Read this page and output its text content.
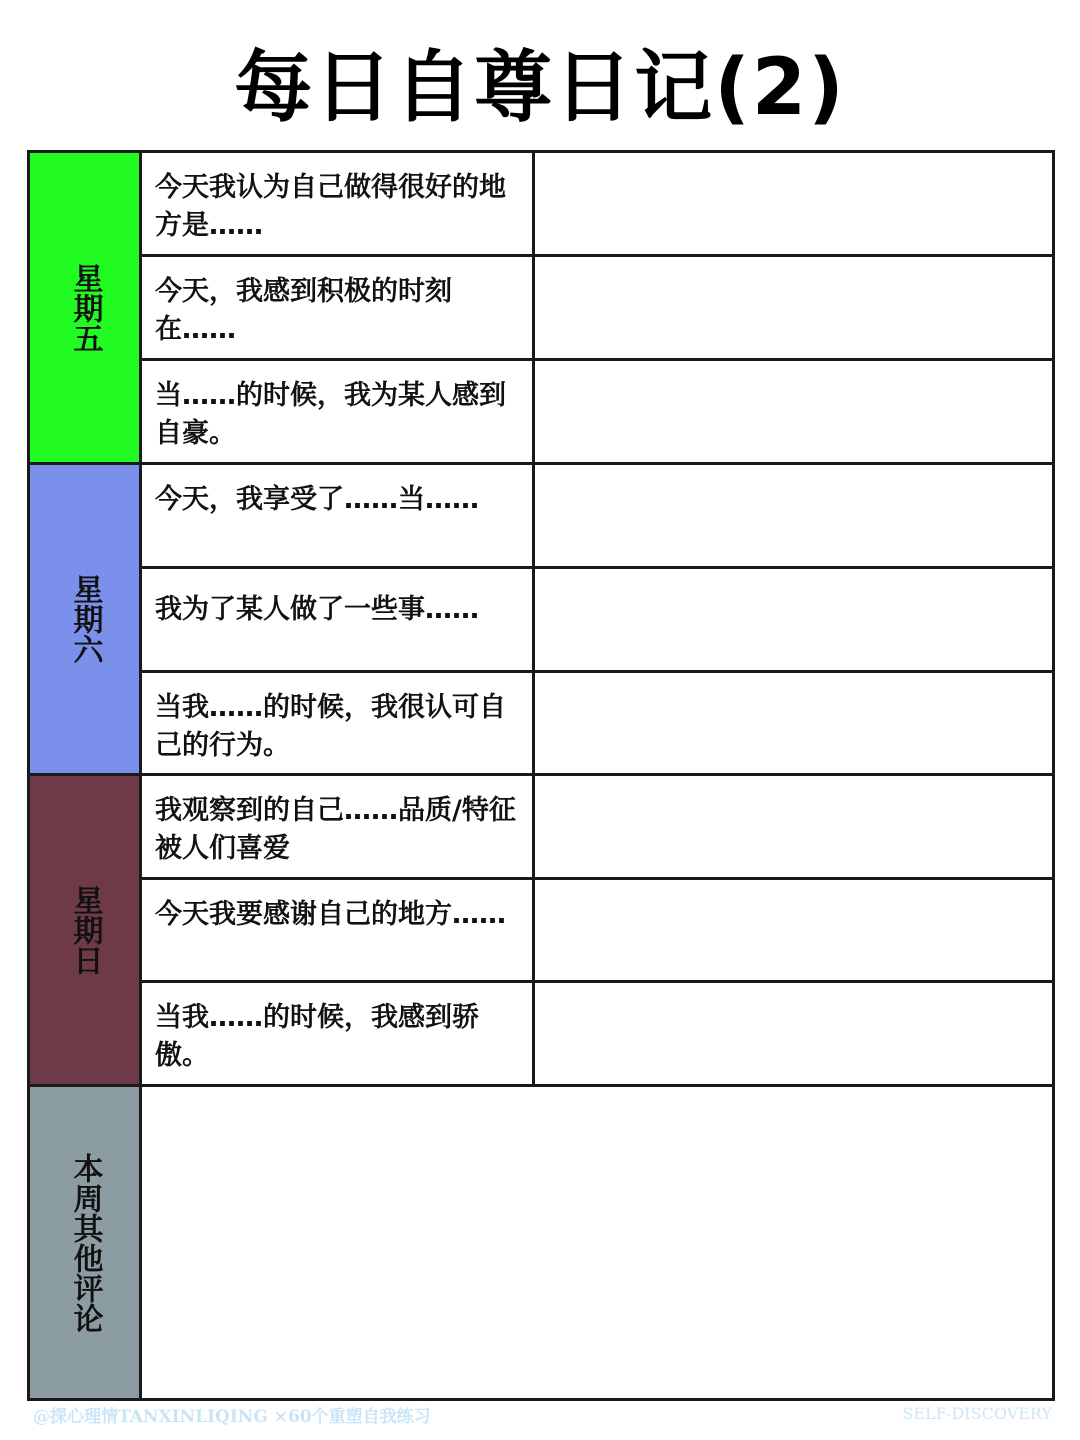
每日自尊日记(2)
星期五
今天我认为自己做得很好的地方是……
今天，我感到积极的时刻在……
当……的时候，我为某人感到自豪。
星期六
今天，我享受了……当……
我为了某人做了一些事……
当我……的时候，我很认可自己的行为。
星期日
我观察到的自己……品质/特征被人们喜爱
今天我要感谢自己的地方……
当我……的时候，我感到骄傲。
本周其他评论
@探心理情TANXINLIQING ×60个重塑自我练习	SELF-DISCOVERY
